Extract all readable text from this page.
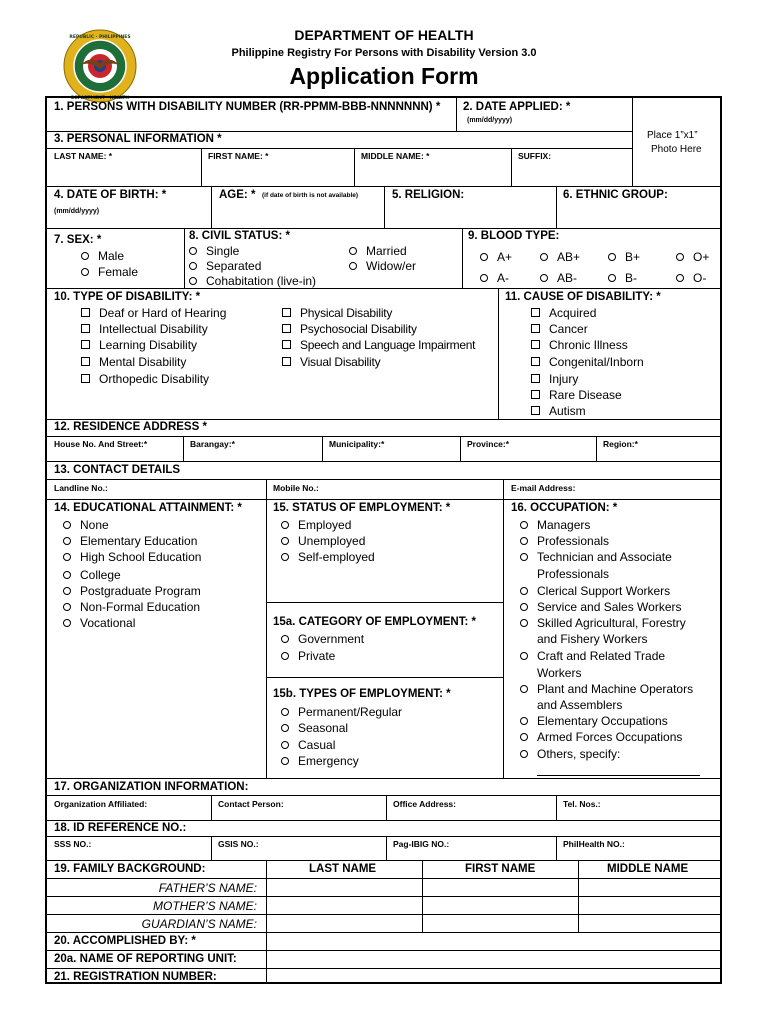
REPUBLIC · PHILIPPINES
DEPARTMENT · HEALTH
DEPARTMENT OF HEALTH
Philippine Registry For Persons with Disability Version 3.0
Application Form
1. PERSONS WITH DISABILITY NUMBER (RR-PPMM-BBB-NNNNNNN) * 2. DATE APPLIED: *
(mm/dd/yyyy)
Place 1”x1”
Photo Here
3. PERSONAL INFORMATION *
LAST NAME: *	FIRST NAME: *	MIDDLE NAME: *	SUFFIX:
4. DATE OF BIRTH: *
(mm/dd/yyyy)
AGE: * (if date of birth is not available)	5. RELIGION:	6. ETHNIC GROUP:
7. SEX: *
Male
Female
8. CIVIL STATUS: *
Single
Separated
Cohabitation (live-in)
Married
Widow/er
9. BLOOD TYPE:
A+	AB+	B+	O+
A-	AB-	B-	O-
10. TYPE OF DISABILITY: *
Deaf or Hard of Hearing
Intellectual Disability
Learning Disability
Mental Disability
Orthopedic Disability
Physical Disability
Psychosocial Disability
Speech and Language Impairment
Visual Disability
11. CAUSE OF DISABILITY: *
Acquired
Cancer
Chronic Illness
Congenital/Inborn
Injury
Rare Disease
Autism
12. RESIDENCE ADDRESS *
House No. And Street:*	Barangay:*	Municipality:*	Province:*	Region:*
13. CONTACT DETAILS
Landline No.:	Mobile No.:	E-mail Address:
14. EDUCATIONAL ATTAINMENT: *
None
Elementary Education
High School Education
College
Postgraduate Program
Non-Formal Education
Vocational
15. STATUS OF EMPLOYMENT: *
Employed
Unemployed
Self-employed
15a. CATEGORY OF EMPLOYMENT: *
Government
Private
15b. TYPES OF EMPLOYMENT: *
Permanent/Regular
Seasonal
Casual
Emergency
16. OCCUPATION: *
Managers
Professionals
Technician and Associate
Professionals
Clerical Support Workers
Service and Sales Workers
Skilled Agricultural, Forestry
and Fishery Workers
Craft and Related Trade
Workers
Plant and Machine Operators
and Assemblers
Elementary Occupations
Armed Forces Occupations
Others, specify:
17. ORGANIZATION INFORMATION:
Organization Affiliated:	Contact Person:	Office Address:	Tel. Nos.:
18. ID REFERENCE NO.:
SSS NO.:	GSIS NO.:	Pag-IBIG NO.:	PhilHealth NO.:
19. FAMILY BACKGROUND:	LAST NAME	FIRST NAME	MIDDLE NAME
FATHER’S NAME:
MOTHER’S NAME:
GUARDIAN’S NAME:
20. ACCOMPLISHED BY: *
20a. NAME OF REPORTING UNIT:
21. REGISTRATION NUMBER:
